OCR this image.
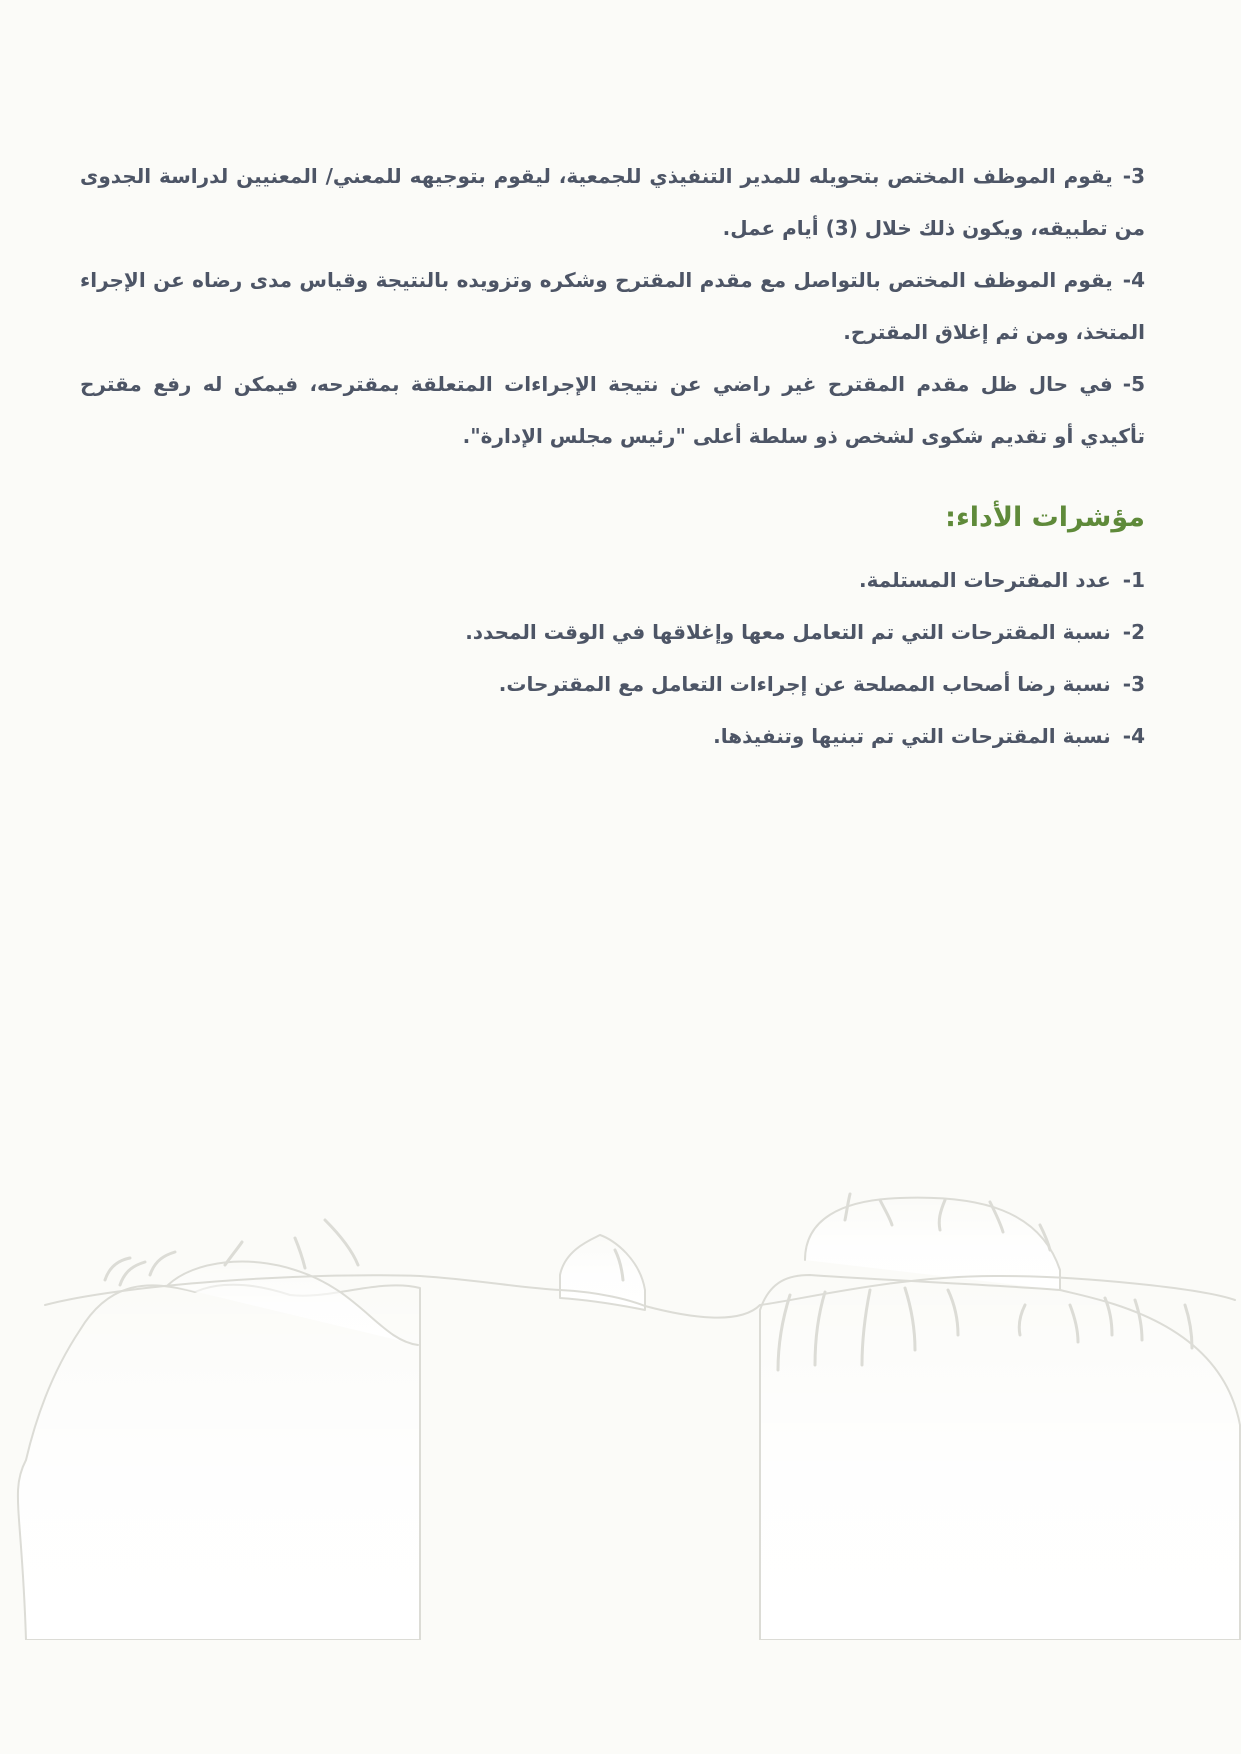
3-يقوم الموظف المختص بتحويله للمدير التنفيذي للجمعية، ليقوم بتوجيهه للمعني/ المعنيين لدراسة الجدوى من تطبيقه، ويكون ذلك خلال (3) أيام عمل.

4-يقوم الموظف المختص بالتواصل مع مقدم المقترح وشكره وتزويده بالنتيجة وقياس مدى رضاه عن الإجراء المتخذ، ومن ثم إغلاق المقترح.

5-في حال ظل مقدم المقترح غير راضي عن نتيجة الإجراءات المتعلقة بمقترحه، فيمكن له رفع مقترح تأكيدي أو تقديم شكوى لشخص ذو سلطة أعلى "رئيس مجلس الإدارة".

مؤشرات الأداء:
1-عدد المقترحات المستلمة.
2-نسبة المقترحات التي تم التعامل معها وإغلاقها في الوقت المحدد.
3-نسبة رضا أصحاب المصلحة عن إجراءات التعامل مع المقترحات.
4-نسبة المقترحات التي تم تبنيها وتنفيذها.
